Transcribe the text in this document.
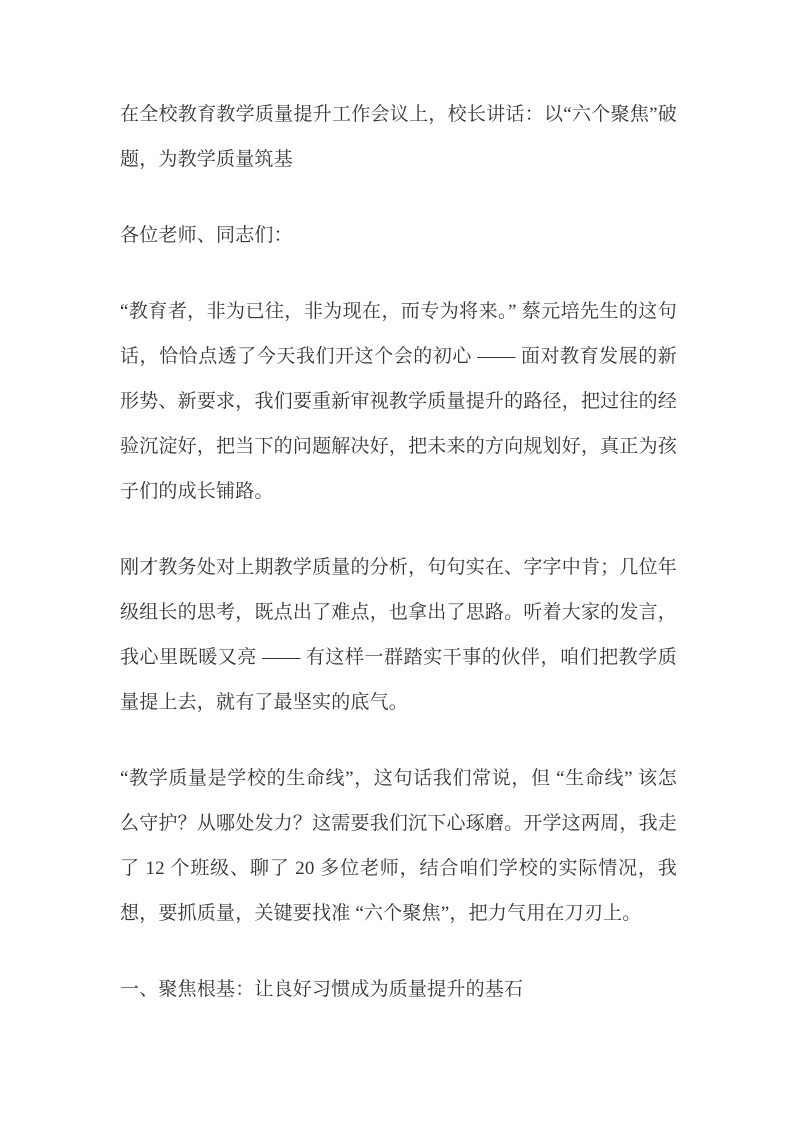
在全校教育教学质量提升工作会议上，校长讲话：以“六个聚焦”破题，为教学质量筑基

各位老师、同志们：

“教育者，非为已往，非为现在，而专为将来。” 蔡元培先生的这句话，恰恰点透了今天我们开这个会的初心 —— 面对教育发展的新形势、新要求，我们要重新审视教学质量提升的路径，把过往的经验沉淀好，把当下的问题解决好，把未来的方向规划好，真正为孩子们的成长铺路。

刚才教务处对上期教学质量的分析，句句实在、字字中肯；几位年级组长的思考，既点出了难点，也拿出了思路。听着大家的发言，我心里既暖又亮 —— 有这样一群踏实干事的伙伴，咱们把教学质量提上去，就有了最坚实的底气。

“教学质量是学校的生命线”，这句话我们常说，但 “生命线” 该怎么守护？从哪处发力？这需要我们沉下心琢磨。开学这两周，我走了 12 个班级、聊了 20 多位老师，结合咱们学校的实际情况，我想，要抓质量，关键要找准 “六个聚焦”，把力气用在刀刃上。

一、聚焦根基：让良好习惯成为质量提升的基石
